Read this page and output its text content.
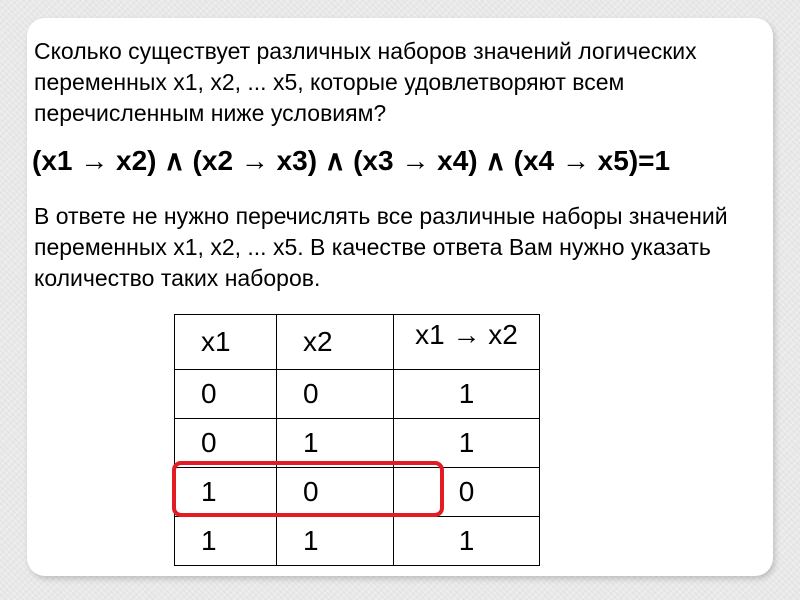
Сколько существует различных наборов значений логических переменных x1, x2, ... x5, которые удовлетворяют всем перечисленным ниже условиям?

(x1 → x2) ∧ (x2 → x3) ∧ (x3 → x4) ∧ (x4 → x5)=1

В ответе не нужно перечислять все различные наборы значений переменных x1, x2, ... x5. В качестве ответа Вам нужно указать количество таких наборов.

x1	x2	x1 → x2
0	0	1
0	1	1
1	0	0
1	1	1
